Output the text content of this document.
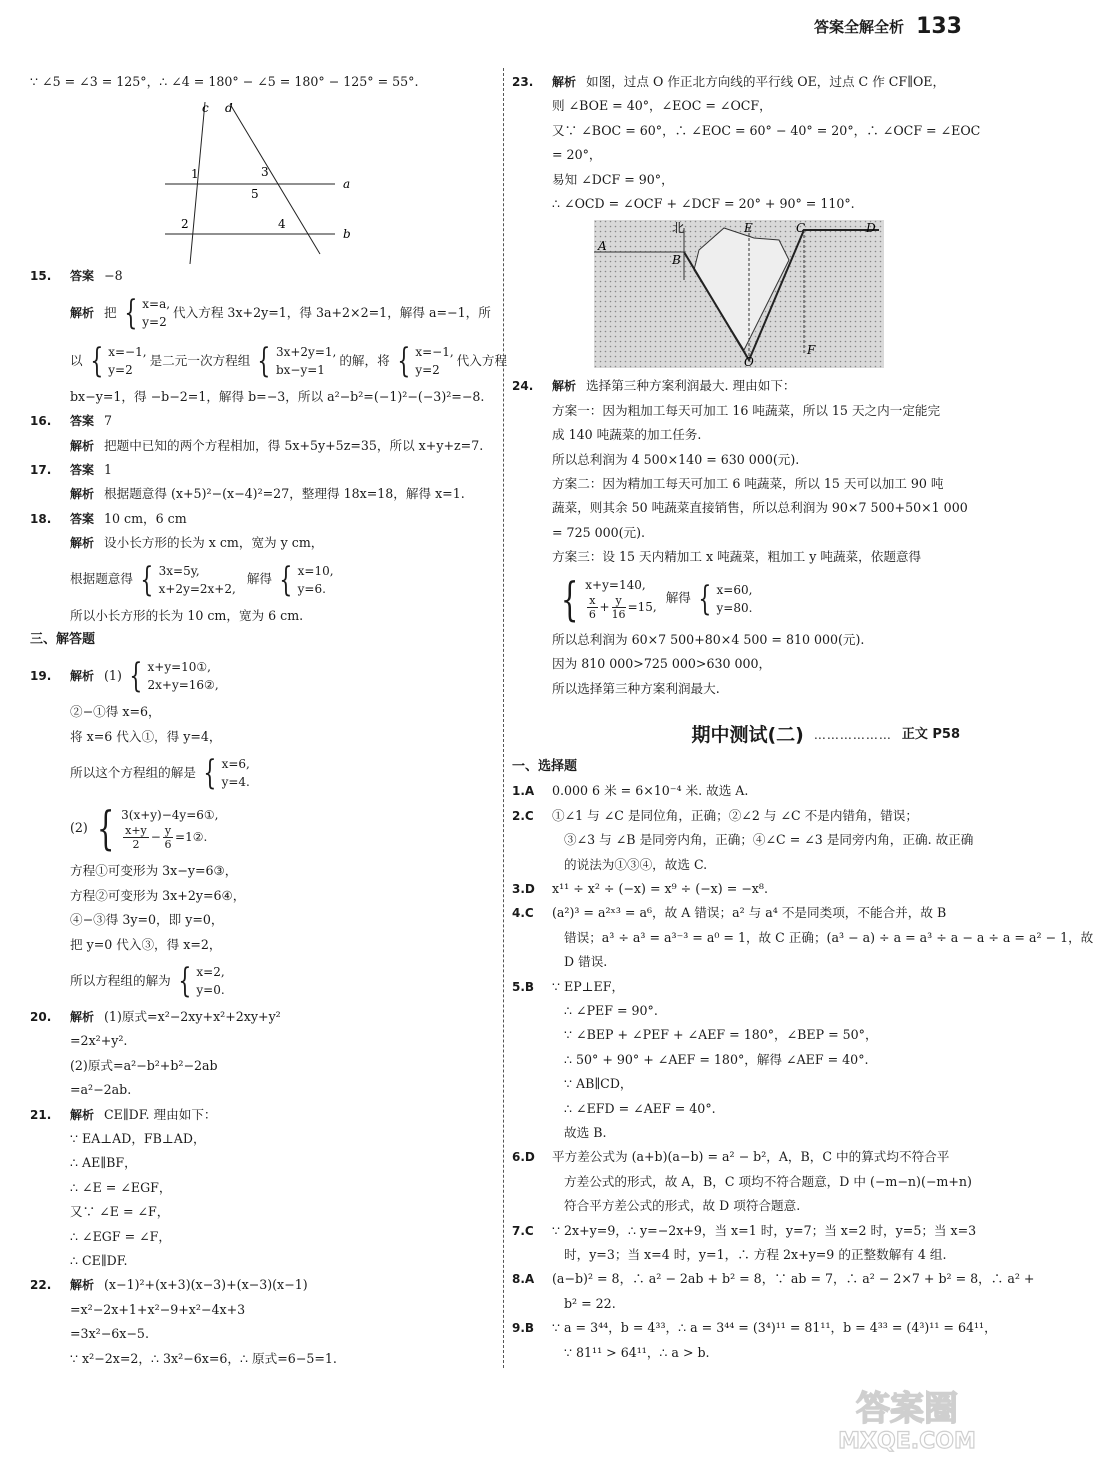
答案全解全析 133
∵ ∠5 = ∠3 = 125°，∴ ∠4 = 180° − ∠5 = 180° − 125° = 55°.
c d
a
b
1
2
3
4
5
15. 答案 −8
解析 把 { x=a,
y=2
代入方程 3x+2y=1，得 3a+2×2=1，解得 a=−1，所
以 { x=−1,
y=2
是二元一次方程组 { 3x+2y=1,
bx−y=1
的解，将 { x=−1,
y=2
代入方程
bx−y=1，得 −b−2=1，解得 b=−3，所以 a²−b²=(−1)²−(−3)²=−8.
16. 答案 7
解析 把题中已知的两个方程相加，得 5x+5y+5z=35，所以 x+y+z=7.
17. 答案 1
解析 根据题意得 (x+5)²−(x−4)²=27，整理得 18x=18，解得 x=1.
18. 答案 10 cm，6 cm
解析 设小长方形的长为 x cm，宽为 y cm，
根据题意得 { 3x=5y,
x+2y=2x+2,
解得 { x=10,
y=6.
所以小长方形的长为 10 cm，宽为 6 cm.
三、解答题
19.	解析 (1) { x+y=10①,
2x+y=16②,
②−①得 x=6，
将 x=6 代入①，得 y=4，
所以这个方程组的解是 { x=6,
y=4.
(2) { 3(x+y)−4y=6①,
$\frac{x+y}{2} - \frac{y}{6}$ =1②.
方程①可变形为 3x−y=6③，
方程②可变形为 3x+2y=6④，
④−③得 3y=0，即 y=0，
把 y=0 代入③，得 x=2，
所以方程组的解为 { x=2,
y=0.
20. 解析 (1)原式=x²−2xy+x²+2xy+y²
=2x²+y².
(2)原式=a²−b²+b²−2ab
=a²−2ab.
21. 解析 CE∥DF. 理由如下：
∵ EA⊥AD，FB⊥AD，
∴ AE∥BF，
∴ ∠E = ∠EGF，
又∵ ∠E = ∠F，
∴ ∠EGF = ∠F，
∴ CE∥DF.
22. 解析 (x−1)²+(x+3)(x−3)+(x−3)(x−1)
=x²−2x+1+x²−9+x²−4x+3
=3x²−6x−5.
∵ x²−2x=2，∴ 3x²−6x=6，∴ 原式=6−5=1.
23. 解析 如图，过点 O 作正北方向线的平行线 OE，过点 C 作 CF∥OE，
则 ∠BOE = 40°，∠EOC = ∠OCF，
又∵ ∠BOC = 60°，∴ ∠EOC = 60° − 40° = 20°，∴ ∠OCF = ∠EOC
= 20°，
易知 ∠DCF = 90°，
∴ ∠OCD = ∠OCF + ∠DCF = 20° + 90° = 110°.
北
A
B
E	C	D
O
F
24. 解析 选择第三种方案利润最大. 理由如下：
方案一：因为粗加工每天可加工 16 吨蔬菜，所以 15 天之内一定能完
成 140 吨蔬菜的加工任务.
所以总利润为 4 500×140 = 630 000(元).
方案二：因为精加工每天可加工 6 吨蔬菜，所以 15 天可以加工 90 吨
蔬菜，则其余 50 吨蔬菜直接销售，所以总利润为 90×7 500+50×1 000
= 725 000(元).
方案三：设 15 天内精加工 x 吨蔬菜，粗加工 y 吨蔬菜，依题意得
{ x+y=140,
$\frac{x}{6} + \frac{y}{16} =15$,
解得 { x=60,
y=80.
所以总利润为 60×7 500+80×4 500 = 810 000(元).
因为 810 000>725 000>630 000，
所以选择第三种方案利润最大.
期中测试(二) ……………… 正文 P58
一、选择题
1.A 0.000 6 米 = 6×10⁻⁴ 米. 故选 A.
2.C ①∠1 与 ∠C 是同位角，正确；②∠2 与 ∠C 不是内错角，错误；
③∠3 与 ∠B 是同旁内角，正确；④∠C = ∠3 是同旁内角，正确. 故正确
的说法为①③④，故选 C.
3.D x¹¹ ÷ x² ÷ (−x) = x⁹ ÷ (−x) = −x⁸.
4.C (a²)³ = a²ˣ³ = a⁶，故 A 错误；a² 与 a⁴ 不是同类项，不能合并，故 B
错误；a³ ÷ a³ = a³⁻³ = a⁰ = 1，故 C 正确；(a³ − a) ÷ a = a³ ÷ a − a ÷ a = a² − 1，故
D 错误.
5.B ∵ EP⊥EF，
∴ ∠PEF = 90°.
∵ ∠BEP + ∠PEF + ∠AEF = 180°，∠BEP = 50°，
∴ 50° + 90° + ∠AEF = 180°，解得 ∠AEF = 40°.
∵ AB∥CD，
∴ ∠EFD = ∠AEF = 40°.
故选 B.
6.D 平方差公式为 (a+b)(a−b) = a² − b²，A，B，C 中的算式均不符合平
方差公式的形式，故 A，B，C 项均不符合题意，D 中 (−m−n)(−m+n)
符合平方差公式的形式，故 D 项符合题意.
7.C ∵ 2x+y=9，∴ y=−2x+9，当 x=1 时，y=7；当 x=2 时，y=5；当 x=3
时，y=3；当 x=4 时，y=1，∴ 方程 2x+y=9 的正整数解有 4 组.
8.A (a−b)² = 8，∴ a² − 2ab + b² = 8，∵ ab = 7，∴ a² − 2×7 + b² = 8，∴ a² +
b² = 22.
9.B ∵ a = 3⁴⁴，b = 4³³，∴ a = 3⁴⁴ = (3⁴)¹¹ = 81¹¹，b = 4³³ = (4³)¹¹ = 64¹¹，
∵ 81¹¹ > 64¹¹，∴ a > b.
答案圈
MXQE.COM
